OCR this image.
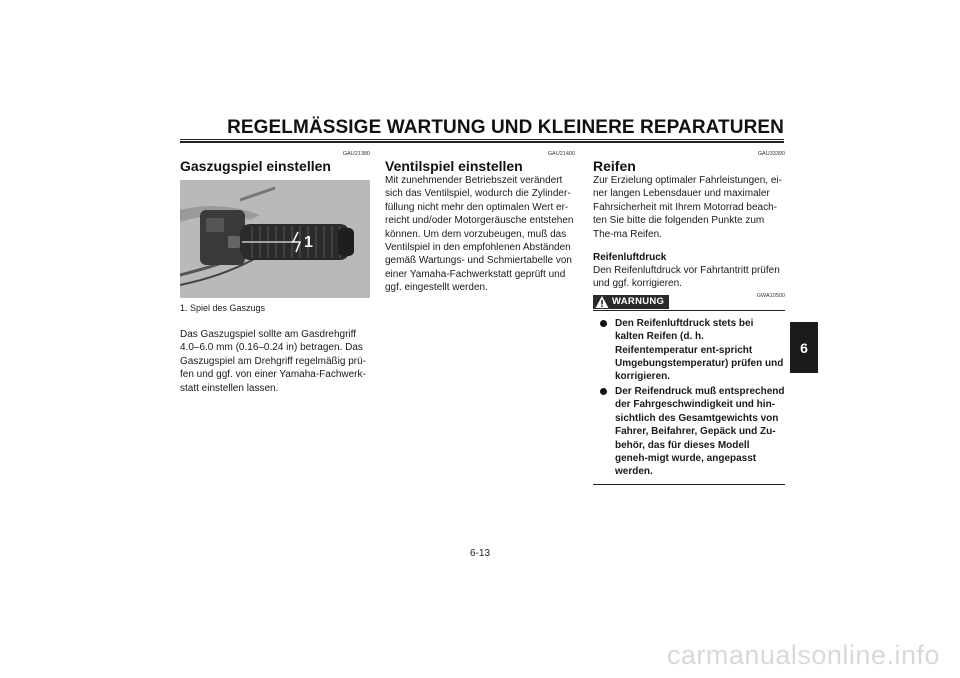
REGELMÄSSIGE WARTUNG UND KLEINERE REPARATUREN
GAU21380
Gaszugspiel einstellen
1
1. Spiel des Gaszugs

Das Gaszugspiel sollte am Gasdrehgriff 4.0–6.0 mm (0.16–0.24 in) betragen. Das Gaszugspiel am Drehgriff regelmäßig prü-fen und ggf. von einer Yamaha-Fachwerk-statt einstellen lassen.

GAU21400
Ventilspiel einstellen

Mit zunehmender Betriebszeit verändert sich das Ventilspiel, wodurch die Zylinder-füllung nicht mehr den optimalen Wert er-reicht und/oder Motorgeräusche entstehen können. Um dem vorzubeugen, muß das Ventilspiel in den empfohlenen Abständen gemäß Wartungs- und Schmiertabelle von einer Yamaha-Fachwerkstatt geprüft und ggf. eingestellt werden.

GAU33390
Reifen

Zur Erzielung optimaler Fahrleistungen, ei-ner langen Lebensdauer und maximaler Fahrsicherheit mit Ihrem Motorrad beach-ten Sie bitte die folgenden Punkte zum The-ma Reifen.

Reifenluftdruck

Den Reifenluftdruck vor Fahrtantritt prüfen und ggf. korrigieren.

WARNUNG
GWA10500
Den Reifenluftdruck stets bei kalten Reifen (d. h. Reifentemperatur ent-spricht Umgebungstemperatur) prüfen und korrigieren.
Der Reifendruck muß entsprechend der Fahrgeschwindigkeit und hin-sichtlich des Gesamtgewichts von Fahrer, Beifahrer, Gepäck und Zu-behör, das für dieses Modell geneh-migt wurde, angepasst werden.
6
6-13
carmanualsonline.info
